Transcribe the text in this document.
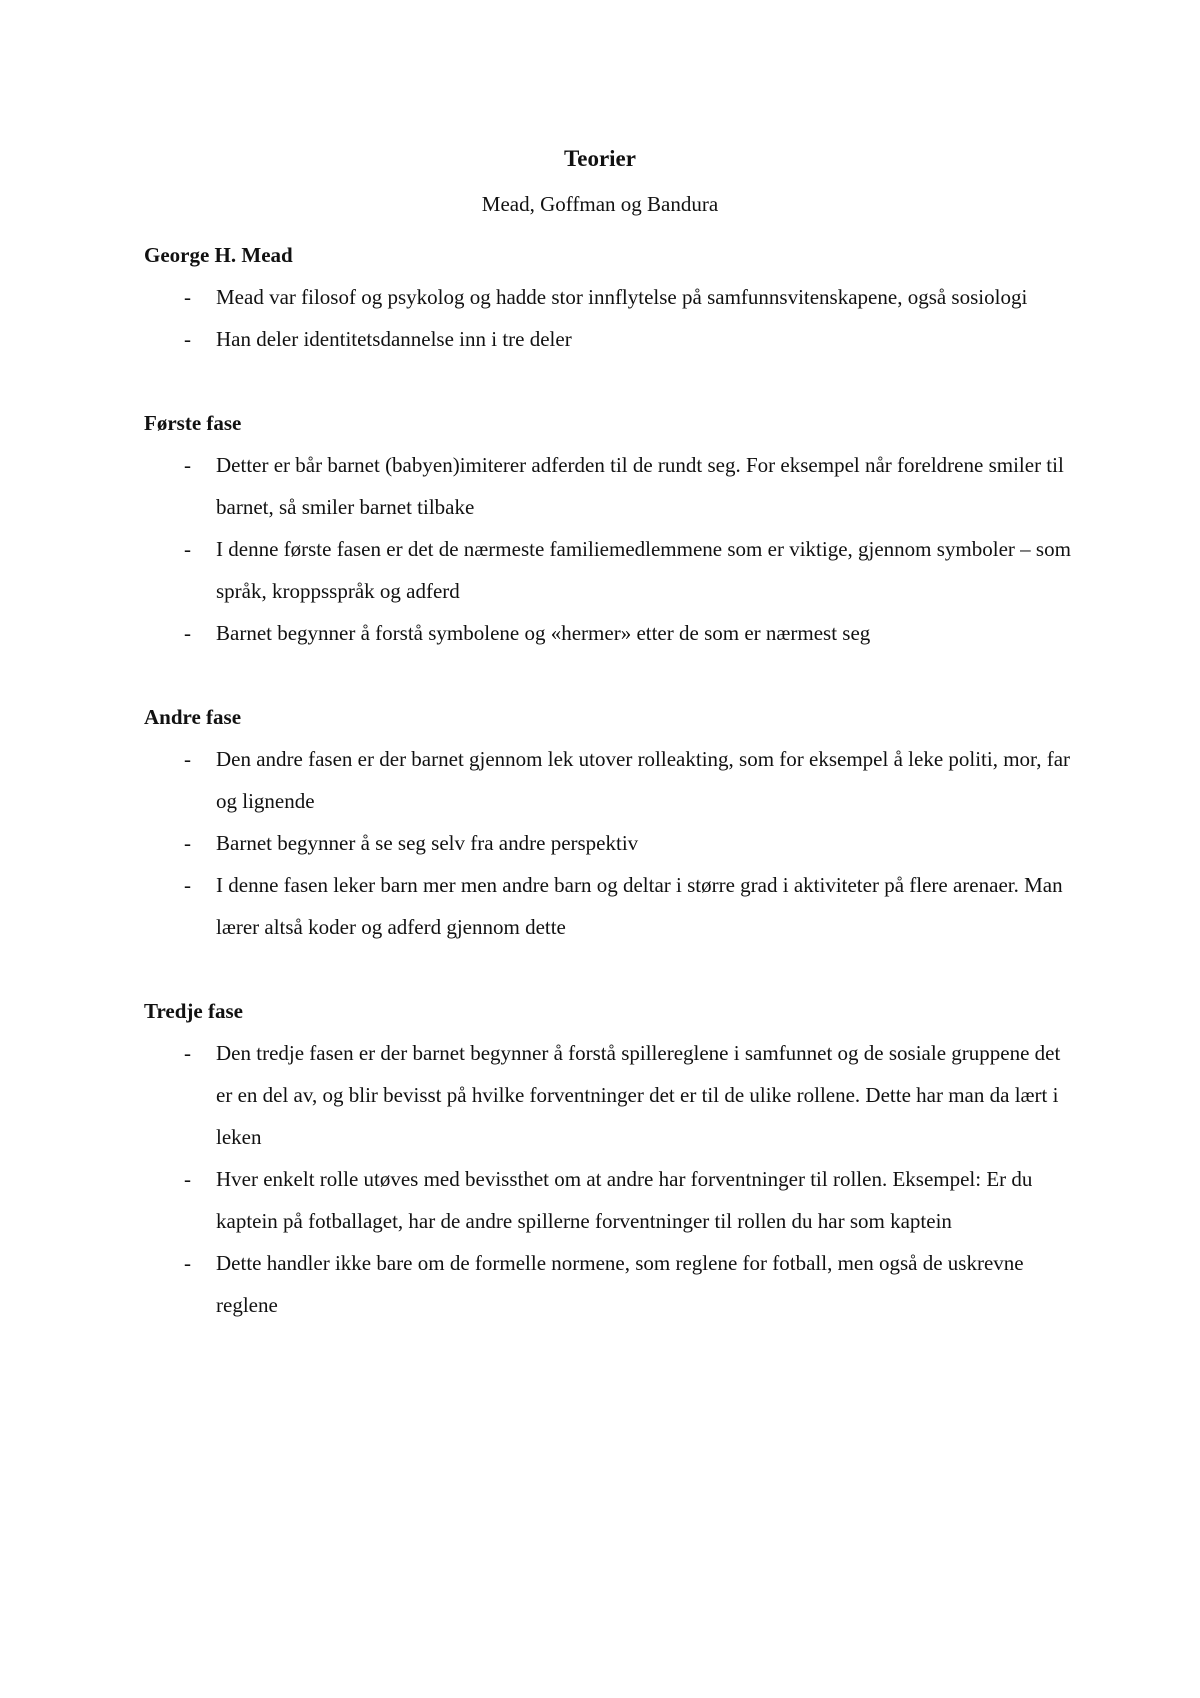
Teorier
Mead, Goffman og Bandura
George H. Mead
- Mead var filosof og psykolog og hadde stor innflytelse på samfunnsvitenskapene, også sosiologi
- Han deler identitetsdannelse inn i tre deler
Første fase
- Detter er bår barnet (babyen)imiterer adferden til de rundt seg. For eksempel når foreldrene smiler til barnet, så smiler barnet tilbake
- I denne første fasen er det de nærmeste familiemedlemmene som er viktige, gjennom symboler – som språk, kroppsspråk og adferd
- Barnet begynner å forstå symbolene og «hermer» etter de som er nærmest seg
Andre fase
- Den andre fasen er der barnet gjennom lek utover rolleakting, som for eksempel å leke politi, mor, far og lignende
- Barnet begynner å se seg selv fra andre perspektiv
- I denne fasen leker barn mer men andre barn og deltar i større grad i aktiviteter på flere arenaer. Man lærer altså koder og adferd gjennom dette
Tredje fase
- Den tredje fasen er der barnet begynner å forstå spillereglene i samfunnet og de sosiale gruppene det er en del av, og blir bevisst på hvilke forventninger det er til de ulike rollene. Dette har man da lært i leken
- Hver enkelt rolle utøves med bevissthet om at andre har forventninger til rollen. Eksempel: Er du kaptein på fotballaget, har de andre spillerne forventninger til rollen du har som kaptein
- Dette handler ikke bare om de formelle normene, som reglene for fotball, men også de uskrevne reglene
